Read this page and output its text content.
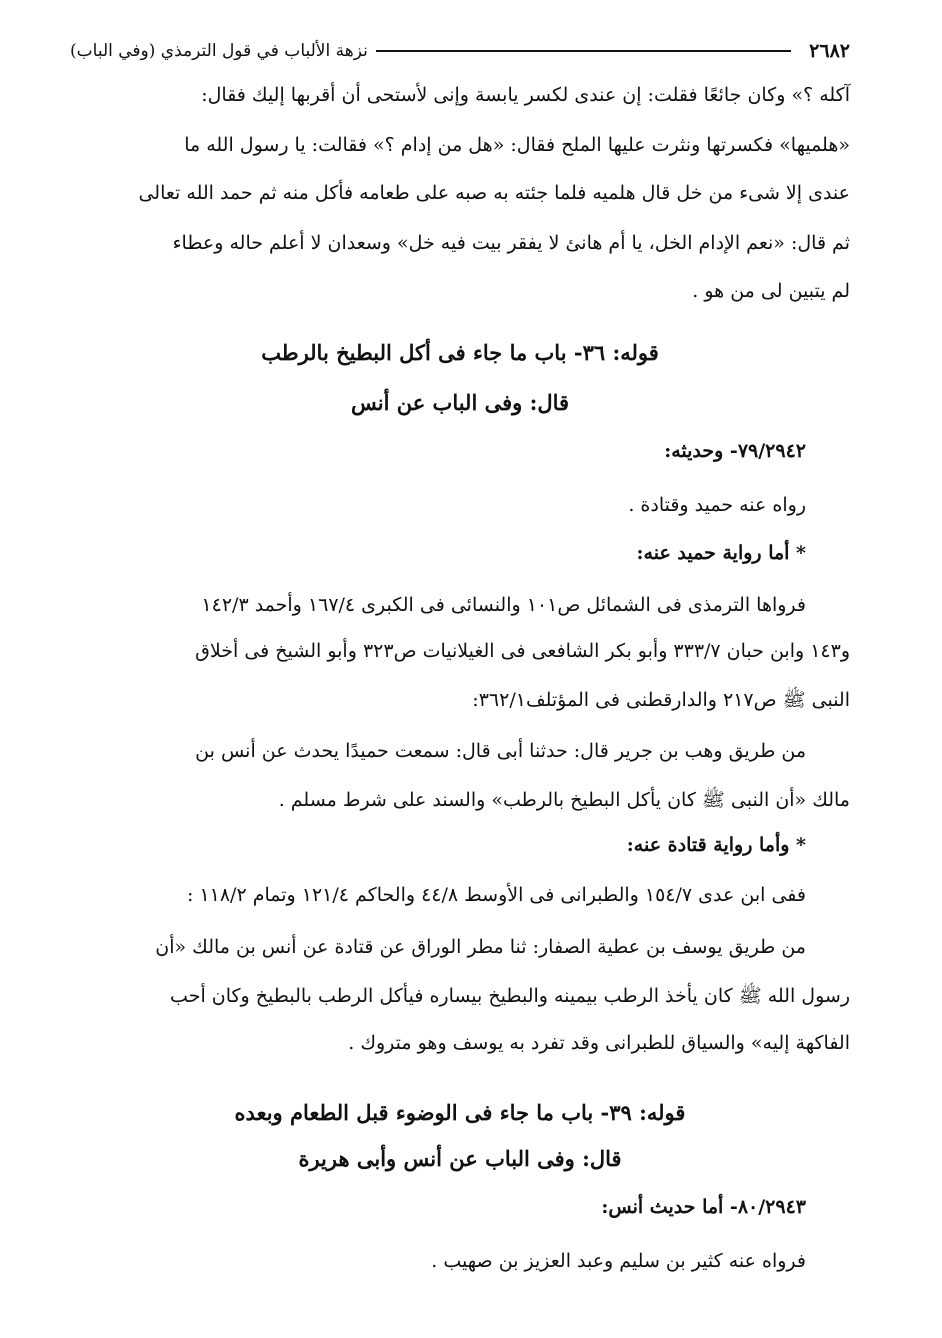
٢٦٨٢
نزهة الألباب في قول الترمذي (وفي الباب)
آكله ؟» وكان جائعًا فقلت: إن عندى لكسر يابسة وإنى لأستحى أن أقربها إليك فقال:
«هلميها» فكسرتها ونثرت عليها الملح فقال: «هل من إدام ؟» فقالت: يا رسول الله ما
عندى إلا شىء من خل قال هلميه فلما جئته به صبه على طعامه فأكل منه ثم حمد الله تعالى
ثم قال: «نعم الإدام الخل، يا أم هانئ لا يفقر بيت فيه خل» وسعدان لا أعلم حاله وعطاء
لم يتبين لى من هو .
قوله: ٣٦- باب ما جاء فى أكل البطيخ بالرطب
قال: وفى الباب عن أنس
٧٩/٢٩٤٢- وحديثه:
رواه عنه حميد وقتادة .
* أما رواية حميد عنه:
فرواها الترمذى فى الشمائل ص١٠١ والنسائى فى الكبرى ١٦٧/٤ وأحمد ١٤٢/٣
و١٤٣ وابن حبان ٣٣٣/٧ وأبو بكر الشافعى فى الغيلانيات ص٣٢٣ وأبو الشيخ فى أخلاق
النبى ﷺ ص٢١٧ والدارقطنى فى المؤتلف٣٦٢/١:
من طريق وهب بن جرير قال: حدثنا أبى قال: سمعت حميدًا يحدث عن أنس بن
مالك «أن النبى ﷺ كان يأكل البطيخ بالرطب» والسند على شرط مسلم .
* وأما رواية قتادة عنه:
ففى ابن عدى ١٥٤/٧ والطبرانى فى الأوسط ٤٤/٨ والحاكم ١٢١/٤ وتمام ١١٨/٢ :
من طريق يوسف بن عطية الصفار: ثنا مطر الوراق عن قتادة عن أنس بن مالك «أن
رسول الله ﷺ كان يأخذ الرطب بيمينه والبطيخ بيساره فيأكل الرطب بالبطيخ وكان أحب
الفاكهة إليه» والسياق للطبرانى وقد تفرد به يوسف وهو متروك .
قوله: ٣٩- باب ما جاء فى الوضوء قبل الطعام وبعده
قال: وفى الباب عن أنس وأبى هريرة
٨٠/٢٩٤٣- أما حديث أنس:
فرواه عنه كثير بن سليم وعبد العزيز بن صهيب .
